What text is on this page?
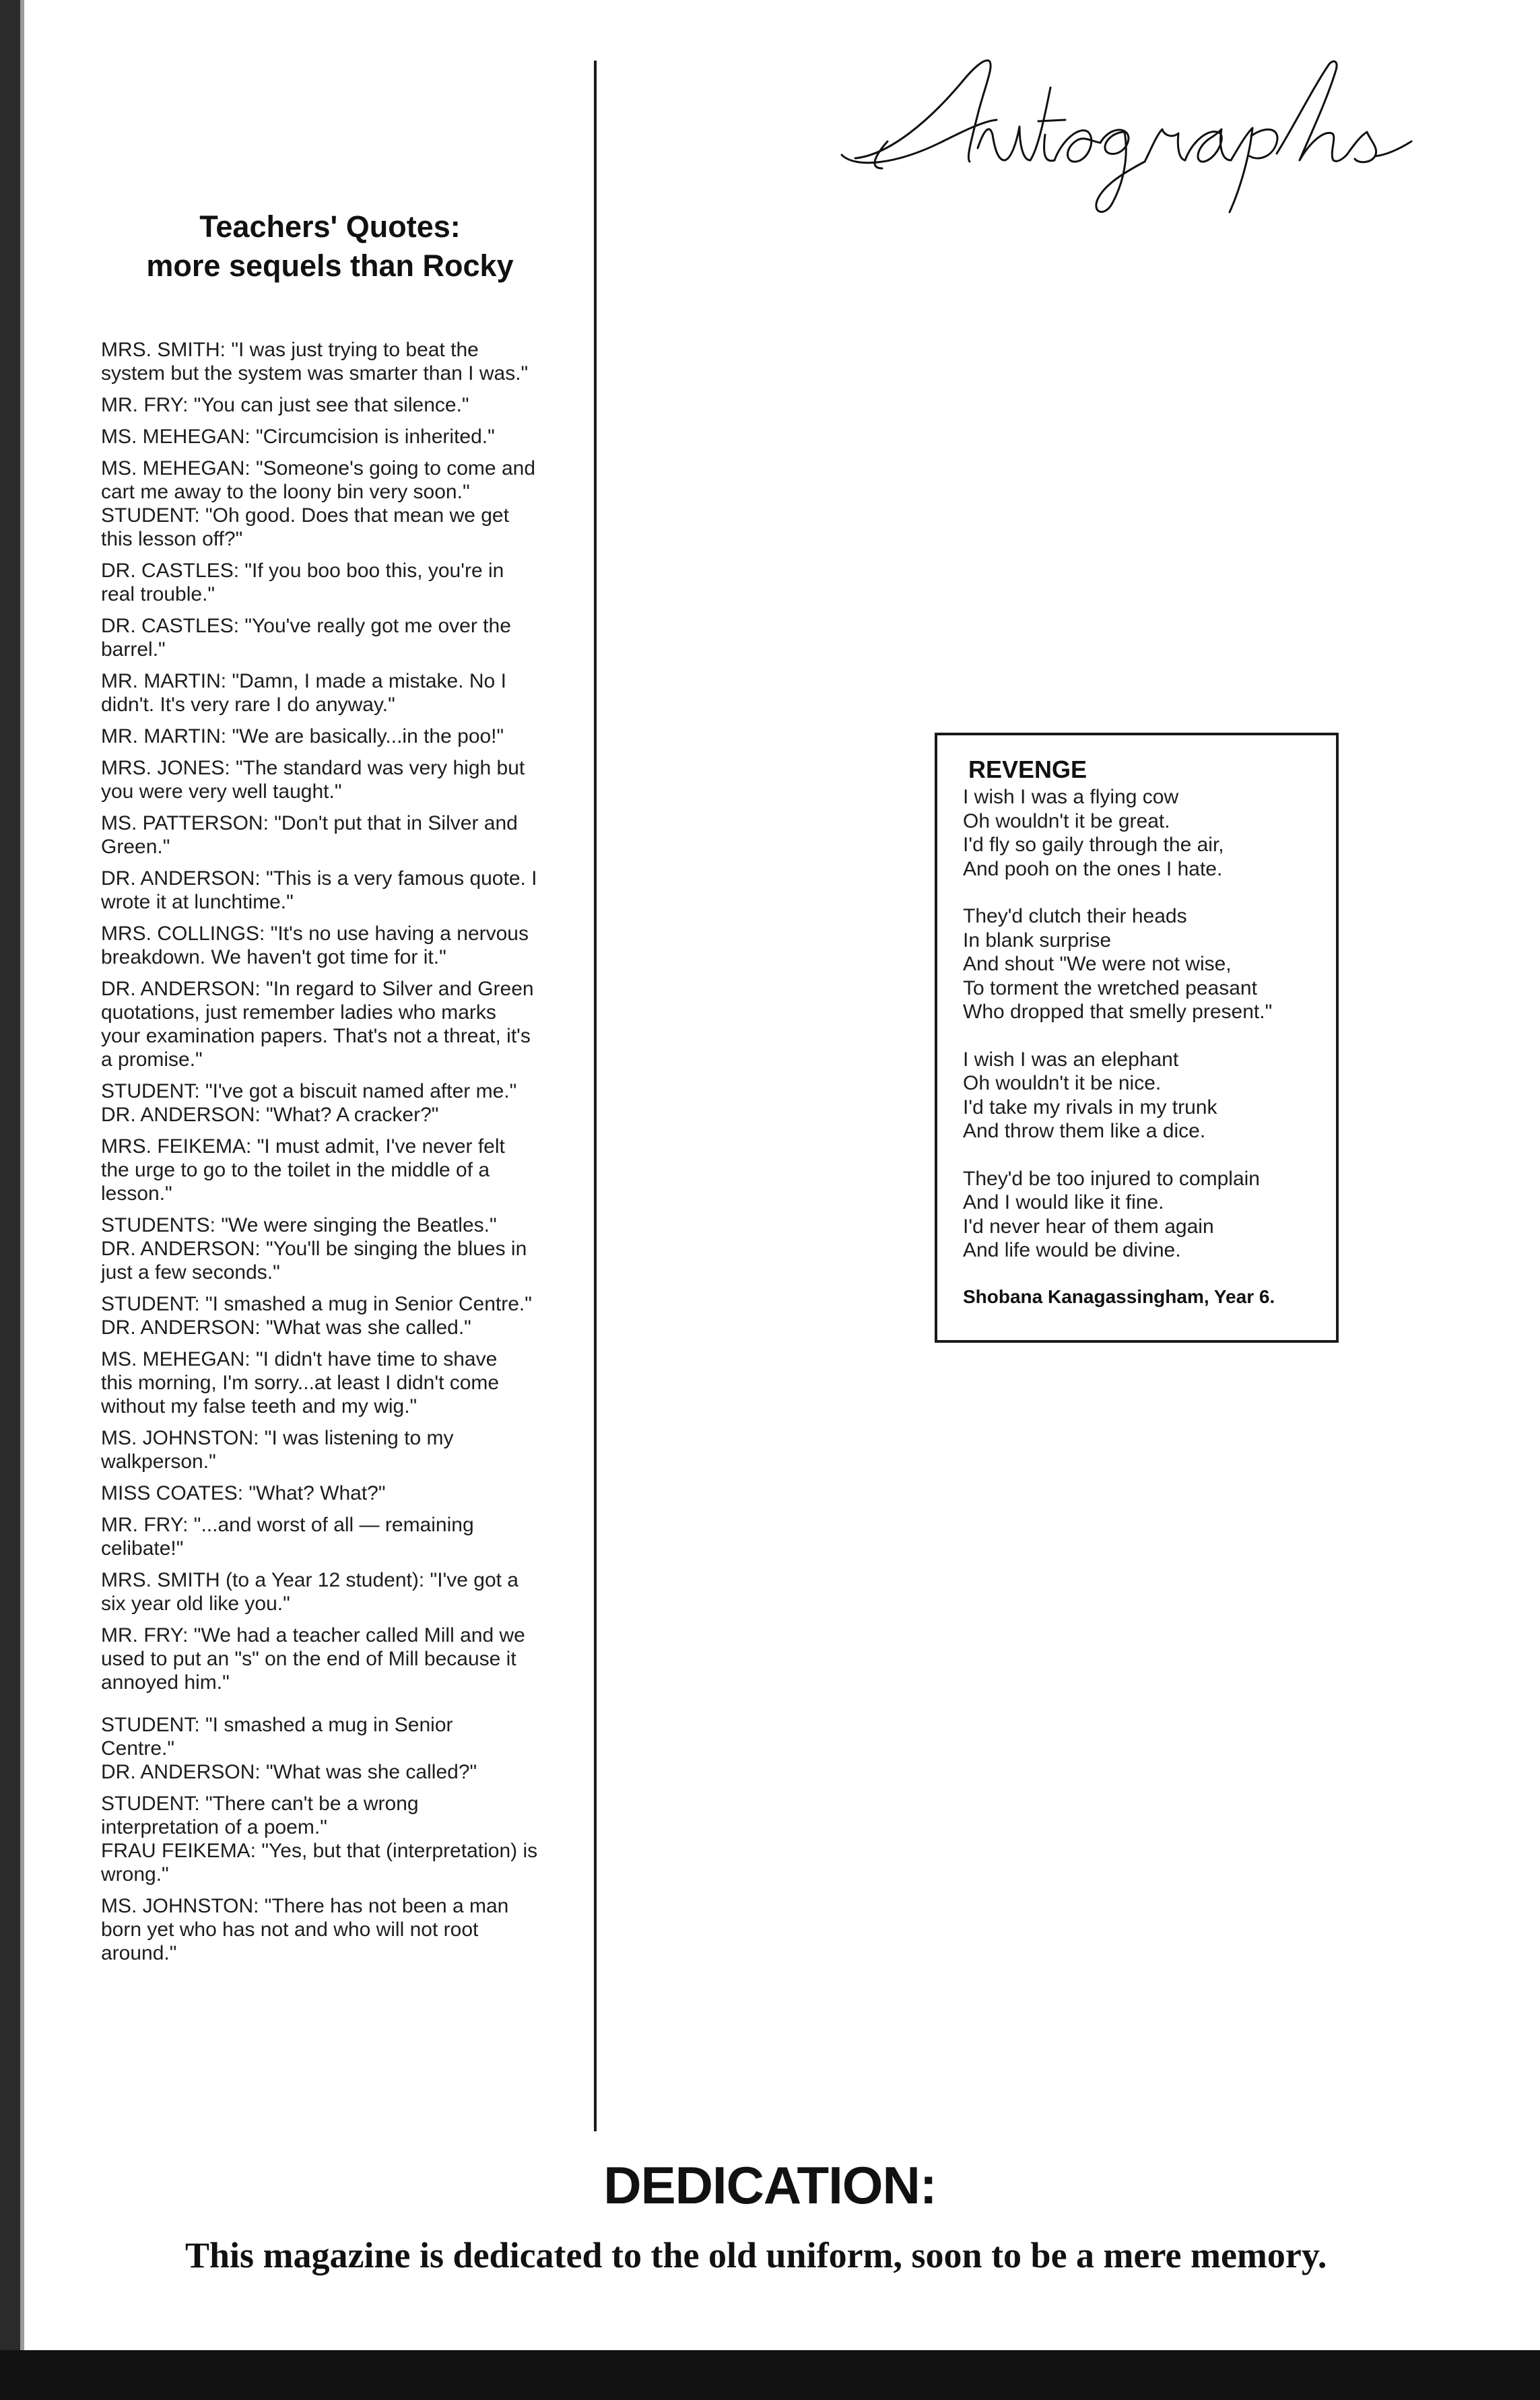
Teachers' Quotes:
more sequels than Rocky
MRS. SMITH: "I was just trying to beat the
system but the system was smarter than I was."
MR. FRY: "You can just see that silence."
MS. MEHEGAN: "Circumcision is inherited."
MS. MEHEGAN: "Someone's going to come and
cart me away to the loony bin very soon."
STUDENT: "Oh good. Does that mean we get
this lesson off?"
DR. CASTLES: "If you boo boo this, you're in
real trouble."
DR. CASTLES: "You've really got me over the
barrel."
MR. MARTIN: "Damn, I made a mistake. No I
didn't. It's very rare I do anyway."
MR. MARTIN: "We are basically...in the poo!"
MRS. JONES: "The standard was very high but
you were very well taught."
MS. PATTERSON: "Don't put that in Silver and
Green."
DR. ANDERSON: "This is a very famous quote. I
wrote it at lunchtime."
MRS. COLLINGS: "It's no use having a nervous
breakdown. We haven't got time for it."
DR. ANDERSON: "In regard to Silver and Green
quotations, just remember ladies who marks
your examination papers. That's not a threat, it's
a promise."
STUDENT: "I've got a biscuit named after me."
DR. ANDERSON: "What? A cracker?"
MRS. FEIKEMA: "I must admit, I've never felt
the urge to go to the toilet in the middle of a
lesson."
STUDENTS: "We were singing the Beatles."
DR. ANDERSON: "You'll be singing the blues in
just a few seconds."
STUDENT: "I smashed a mug in Senior Centre."
DR. ANDERSON: "What was she called."
MS. MEHEGAN: "I didn't have time to shave
this morning, I'm sorry...at least I didn't come
without my false teeth and my wig."
MS. JOHNSTON: "I was listening to my
walkperson."
MISS COATES: "What? What?"
MR. FRY: "...and worst of all — remaining
celibate!"
MRS. SMITH (to a Year 12 student): "I've got a
six year old like you."
MR. FRY: "We had a teacher called Mill and we
used to put an "s" on the end of Mill because it
annoyed him."
STUDENT: "I smashed a mug in Senior
Centre."
DR. ANDERSON: "What was she called?"
STUDENT: "There can't be a wrong
interpretation of a poem."
FRAU FEIKEMA: "Yes, but that (interpretation) is
wrong."
MS. JOHNSTON: "There has not been a man
born yet who has not and who will not root
around."
REVENGE
I wish I was a flying cow
Oh wouldn't it be great.
I'd fly so gaily through the air,
And pooh on the ones I hate.
They'd clutch their heads
In blank surprise
And shout "We were not wise,
To torment the wretched peasant
Who dropped that smelly present."
I wish I was an elephant
Oh wouldn't it be nice.
I'd take my rivals in my trunk
And throw them like a dice.
They'd be too injured to complain
And I would like it fine.
I'd never hear of them again
And life would be divine.
Shobana Kanagassingham, Year 6.
DEDICATION:
This magazine is dedicated to the old uniform, soon to be a mere memory.
